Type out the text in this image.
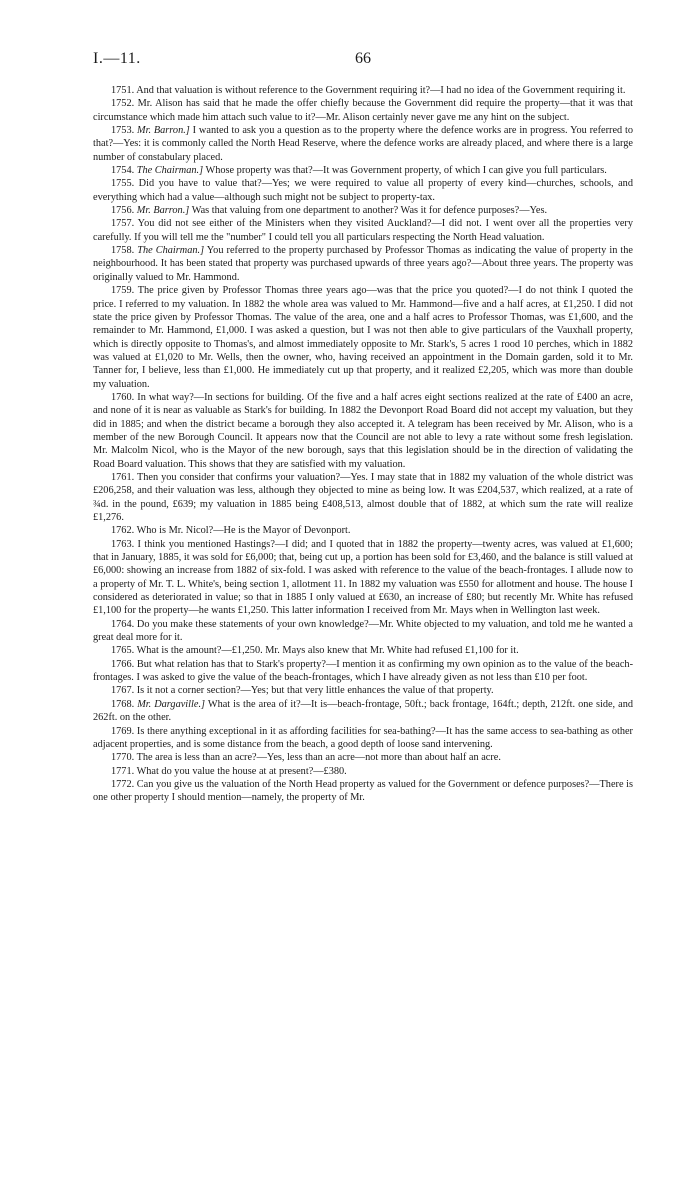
I.—11.	66

1751. And that valuation is without reference to the Government requiring it?—I had no idea of the Government requiring it.

1752. Mr. Alison has said that he made the offer chiefly because the Government did require the property—that it was that circumstance which made him attach such value to it?—Mr. Alison certainly never gave me any hint on the subject.

1753. Mr. Barron.] I wanted to ask you a question as to the property where the defence works are in progress. You referred to that?—Yes: it is commonly called the North Head Reserve, where the defence works are already placed, and where there is a large number of constabulary placed.

1754. The Chairman.] Whose property was that?—It was Government property, of which I can give you full particulars.

1755. Did you have to value that?—Yes; we were required to value all property of every kind—churches, schools, and everything which had a value—although such might not be subject to property-tax.

1756. Mr. Barron.] Was that valuing from one department to another? Was it for defence purposes?—Yes.

1757. You did not see either of the Ministers when they visited Auckland?—I did not. I went over all the properties very carefully. If you will tell me the "number" I could tell you all particulars respecting the North Head valuation.

1758. The Chairman.] You referred to the property purchased by Professor Thomas as indicating the value of property in the neighbourhood. It has been stated that property was purchased upwards of three years ago?—About three years. The property was originally valued to Mr. Hammond.

1759. The price given by Professor Thomas three years ago—was that the price you quoted?—I do not think I quoted the price. I referred to my valuation. In 1882 the whole area was valued to Mr. Hammond—five and a half acres, at £1,250. I did not state the price given by Professor Thomas. The value of the area, one and a half acres to Professor Thomas, was £1,600, and the remainder to Mr. Hammond, £1,000. I was asked a question, but I was not then able to give particulars of the Vauxhall property, which is directly opposite to Thomas's, and almost immediately opposite to Mr. Stark's, 5 acres 1 rood 10 perches, which in 1882 was valued at £1,020 to Mr. Wells, then the owner, who, having received an appointment in the Domain garden, sold it to Mr. Tanner for, I believe, less than £1,000. He immediately cut up that property, and it realized £2,205, which was more than double my valuation.

1760. In what way?—In sections for building. Of the five and a half acres eight sections realized at the rate of £400 an acre, and none of it is near as valuable as Stark's for building. In 1882 the Devonport Road Board did not accept my valuation, but they did in 1885; and when the district became a borough they also accepted it. A telegram has been received by Mr. Alison, who is a member of the new Borough Council. It appears now that the Council are not able to levy a rate without some fresh legislation. Mr. Malcolm Nicol, who is the Mayor of the new borough, says that this legislation should be in the direction of validating the Road Board valuation. This shows that they are satisfied with my valuation.

1761. Then you consider that confirms your valuation?—Yes. I may state that in 1882 my valuation of the whole district was £206,258, and their valuation was less, although they objected to mine as being low. It was £204,537, which realized, at a rate of ¾d. in the pound, £639; my valuation in 1885 being £408,513, almost double that of 1882, at which sum the rate will realize £1,276.

1762. Who is Mr. Nicol?—He is the Mayor of Devonport.

1763. I think you mentioned Hastings?—I did; and I quoted that in 1882 the property—twenty acres, was valued at £1,600; that in January, 1885, it was sold for £6,000; that, being cut up, a portion has been sold for £3,460, and the balance is still valued at £6,000: showing an increase from 1882 of six-fold. I was asked with reference to the value of the beach-frontages. I allude now to a property of Mr. T. L. White's, being section 1, allotment 11. In 1882 my valuation was £550 for allotment and house. The house I considered as deteriorated in value; so that in 1885 I only valued at £630, an increase of £80; but recently Mr. White has refused £1,100 for the property—he wants £1,250. This latter information I received from Mr. Mays when in Wellington last week.

1764. Do you make these statements of your own knowledge?—Mr. White objected to my valuation, and told me he wanted a great deal more for it.

1765. What is the amount?—£1,250. Mr. Mays also knew that Mr. White had refused £1,100 for it.

1766. But what relation has that to Stark's property?—I mention it as confirming my own opinion as to the value of the beach-frontages. I was asked to give the value of the beach-frontages, which I have already given as not less than £10 per foot.

1767. Is it not a corner section?—Yes; but that very little enhances the value of that property.

1768. Mr. Dargaville.] What is the area of it?—It is—beach-frontage, 50ft.; back frontage, 164ft.; depth, 212ft. one side, and 262ft. on the other.

1769. Is there anything exceptional in it as affording facilities for sea-bathing?—It has the same access to sea-bathing as other adjacent properties, and is some distance from the beach, a good depth of loose sand intervening.

1770. The area is less than an acre?—Yes, less than an acre—not more than about half an acre.

1771. What do you value the house at at present?—£380.

1772. Can you give us the valuation of the North Head property as valued for the Government or defence purposes?—There is one other property I should mention—namely, the property of Mr.
